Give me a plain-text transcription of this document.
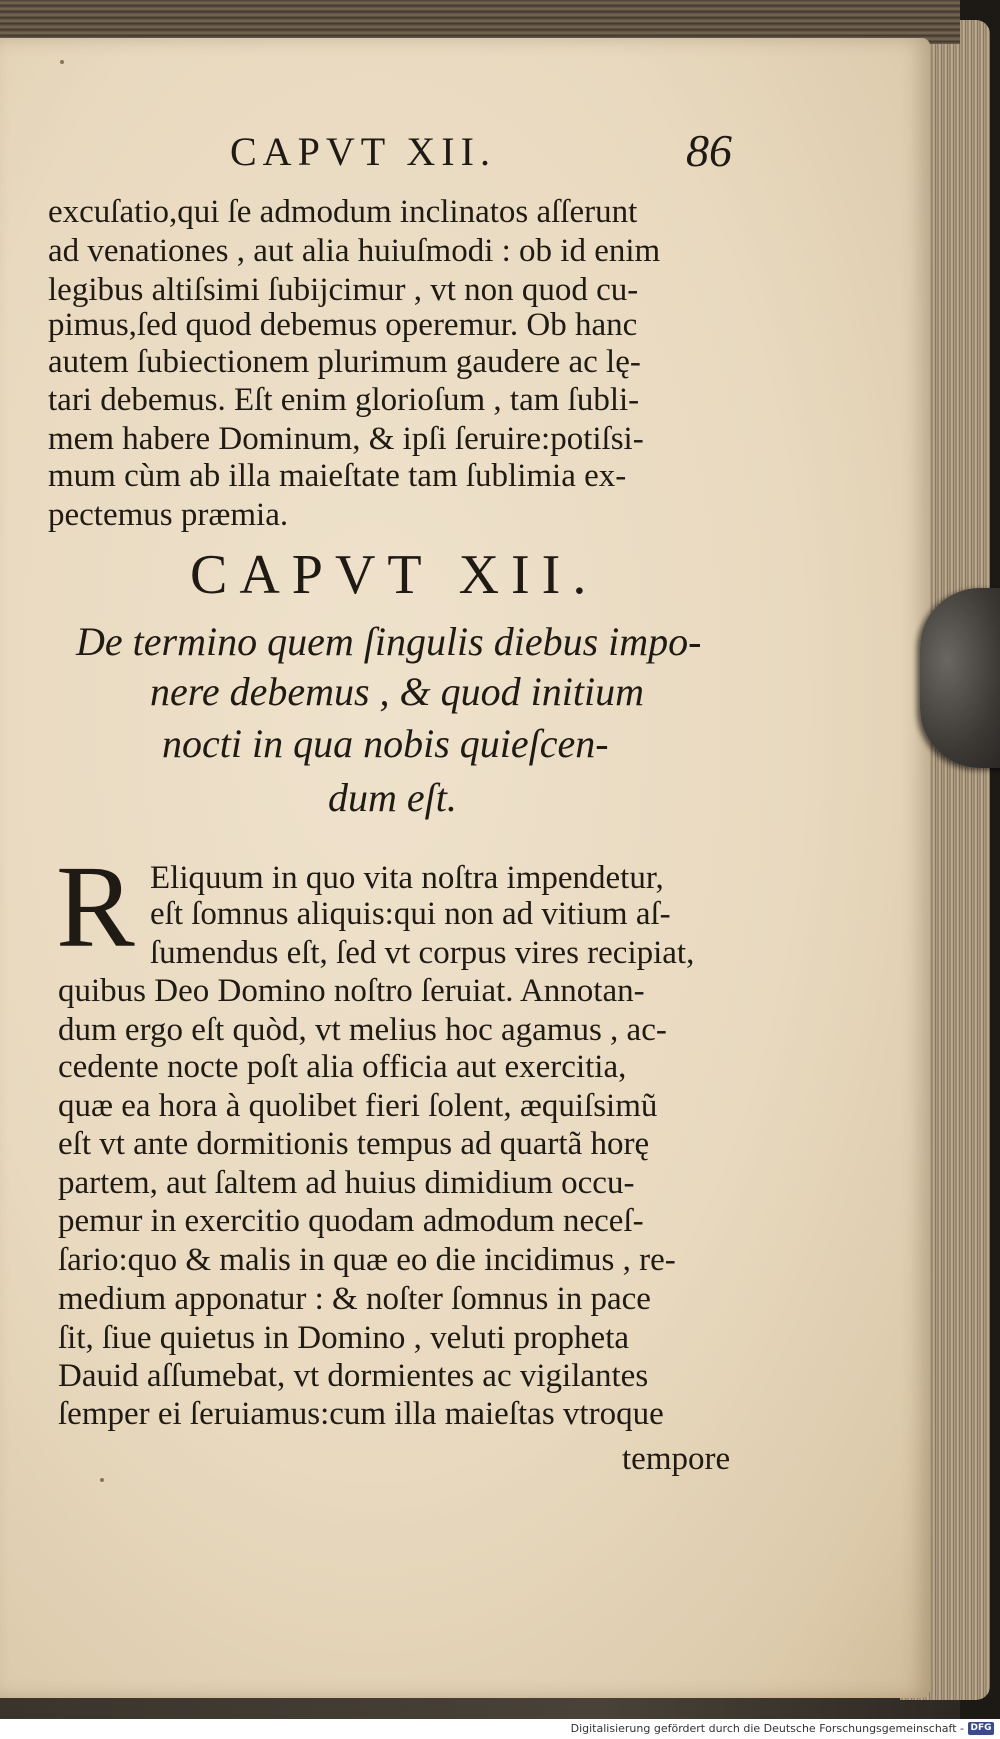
CAPVT XII.	86
excuſatio,qui ſe admodum inclinatos aſſerunt
ad venationes , aut alia huiuſmodi : ob id enim
legibus altiſsimi ſubijcimur , vt non quod cu-
pimus,ſed quod debemus operemur. Ob hanc
autem ſubiectionem plurimum gaudere ac lę-
tari debemus. Eſt enim glorioſum , tam ſubli-
mem habere Dominum, & ipſi ſeruire:potiſsi-
mum cùm ab illa maieſtate tam ſublimia ex-
pectemus præmia.
CAPVT XII.
De termino quem ſingulis diebus impo-
nere debemus , & quod initium
nocti in qua nobis quieſcen-
dum eſt.
R Eliquum in quo vita noſtra impendetur,
eſt ſomnus aliquis:qui non ad vitium aſ-
ſumendus eſt, ſed vt corpus vires recipiat,
quibus Deo Domino noſtro ſeruiat. Annotan-
dum ergo eſt quòd, vt melius hoc agamus , ac-
cedente nocte poſt alia officia aut exercitia,
quæ ea hora à quolibet fieri ſolent, æquiſsimũ
eſt vt ante dormitionis tempus ad quartã horę
partem, aut ſaltem ad huius dimidium occu-
pemur in exercitio quodam admodum neceſ-
ſario:quo & malis in quæ eo die incidimus , re-
medium apponatur : & noſter ſomnus in pace
ſit, ſiue quietus in Domino , veluti propheta
Dauid aſſumebat, vt dormientes ac vigilantes
ſemper ei ſeruiamus:cum illa maieſtas vtroque
tempore
Digitalisierung gefördert durch die Deutsche Forschungsgemeinschaft - DFG
